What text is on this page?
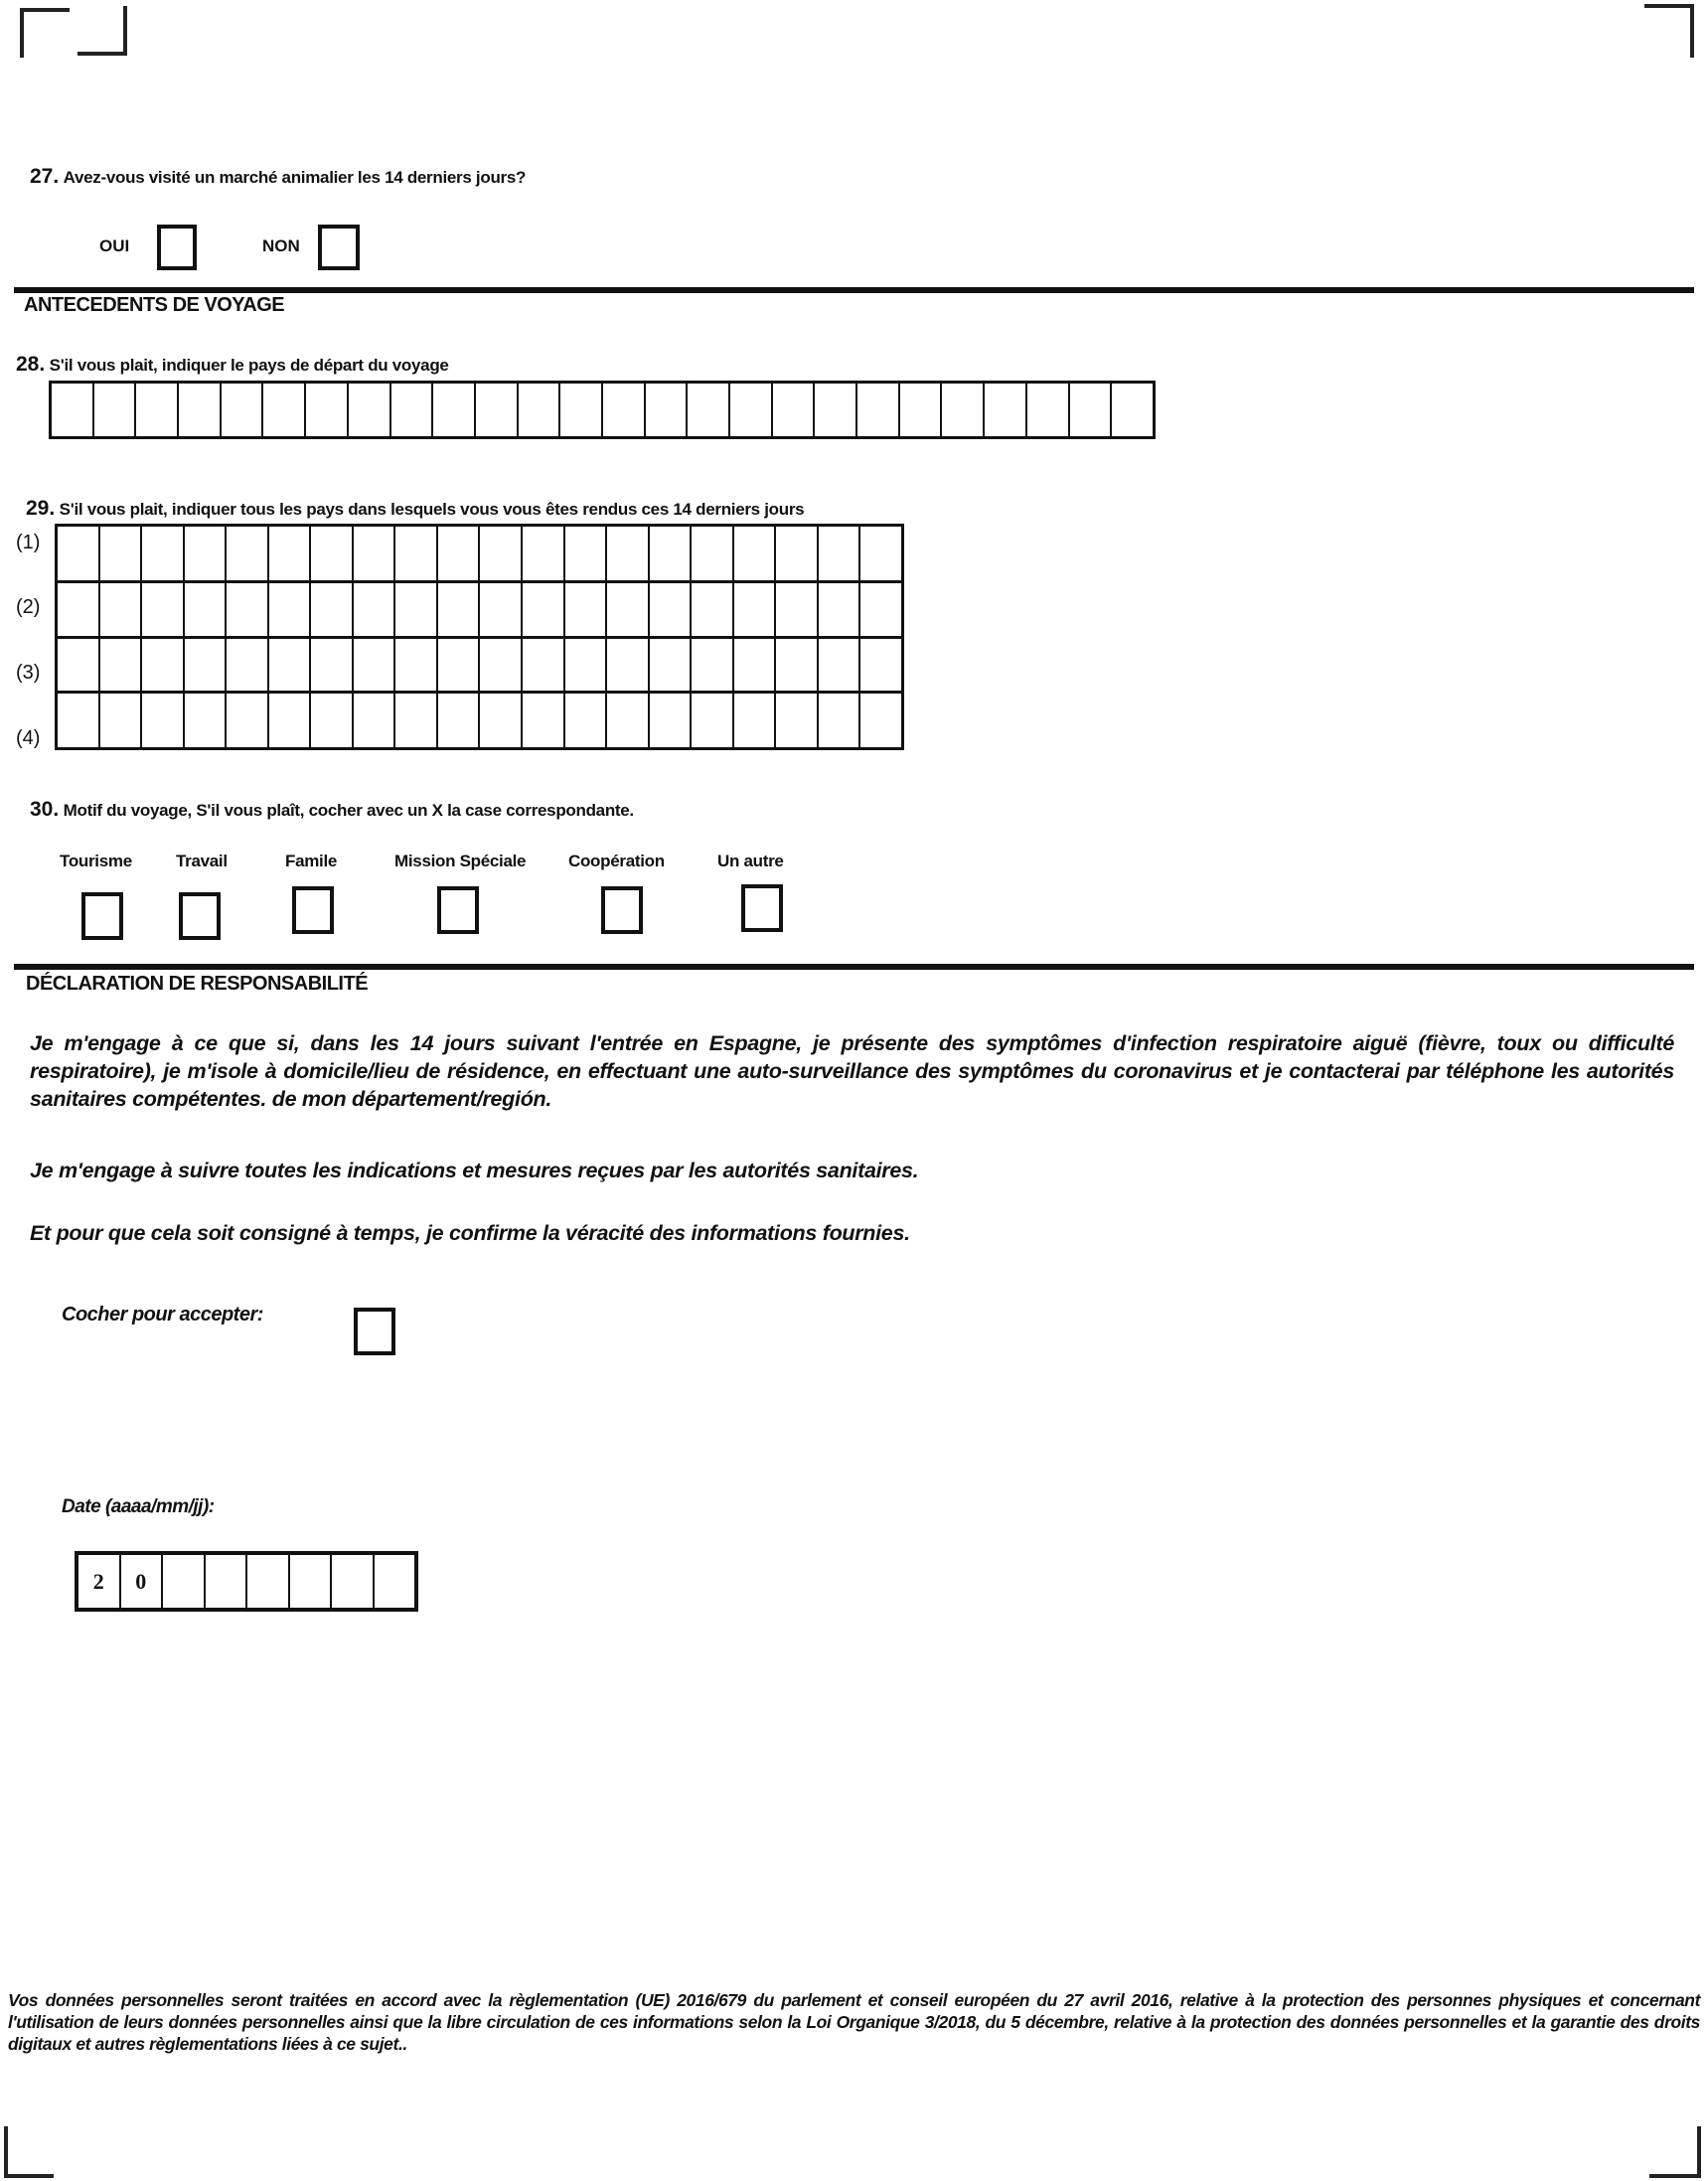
27. Avez-vous visité un marché animalier les 14 derniers jours?
OUI	NON
ANTECEDENTS DE VOYAGE
28. S'il vous plait, indiquer le pays de départ du voyage
29. S'il vous plait, indiquer tous les pays dans lesquels vous vous êtes rendus ces 14 derniers jours
(1)
(2)
(3)
(4)
30. Motif du voyage, S'il vous plaît, cocher avec un X la case correspondante.
Tourisme	Travail	Famile	Mission Spéciale	Coopération	Un autre
DÉCLARATION DE RESPONSABILITÉ
Je m'engage à ce que si, dans les 14 jours suivant l'entrée en Espagne, je présente des symptômes d'infection respiratoire aiguë (fièvre, toux ou difficulté respiratoire), je m'isole à domicile/lieu de résidence, en effectuant une auto-surveillance des symptômes du coronavirus et je contacterai par téléphone les autorités sanitaires compétentes. de mon département/región.
Je m'engage à suivre toutes les indications et mesures reçues par les autorités sanitaires.
Et pour que cela soit consigné à temps, je confirme la véracité des informations fournies.
Cocher pour accepter:
Date (aaaa/mm/jj):
2	0
Vos données personnelles seront traitées en accord avec la règlementation (UE) 2016/679 du parlement et conseil européen du 27 avril 2016, relative à la protection des personnes physiques et concernant l'utilisation de leurs données personnelles ainsi que la libre circulation de ces informations selon la Loi Organique 3/2018, du 5 décembre, relative à la protection des données personnelles et la garantie des droits digitaux et autres règlementations liées à ce sujet..
